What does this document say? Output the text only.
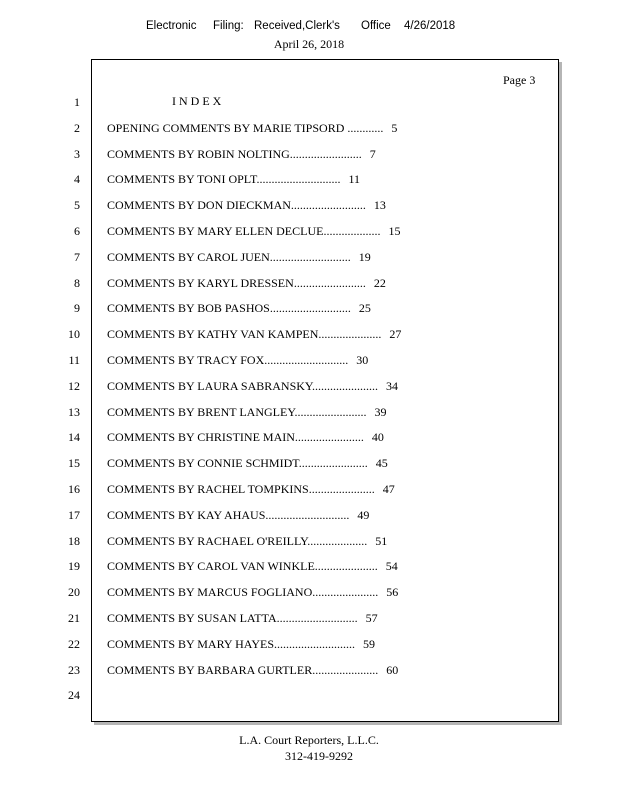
Electronic Filing: Received,Clerk's Office 4/26/2018
April 26, 2018
Page 3
1
2
3
4
5
6
7
8
9
10
11
12
13
14
15
16
17
18
19
20
21
22
23
24
INDEX
OPENING COMMENTS BY MARIE TIPSORD ............ 5
COMMENTS BY ROBIN NOLTING........................ 7
COMMENTS BY TONI OPLT............................ 11
COMMENTS BY DON DIECKMAN......................... 13
COMMENTS BY MARY ELLEN DECLUE................... 15
COMMENTS BY CAROL JUEN........................... 19
COMMENTS BY KARYL DRESSEN........................ 22
COMMENTS BY BOB PASHOS........................... 25
COMMENTS BY KATHY VAN KAMPEN..................... 27
COMMENTS BY TRACY FOX............................ 30
COMMENTS BY LAURA SABRANSKY...................... 34
COMMENTS BY BRENT LANGLEY........................ 39
COMMENTS BY CHRISTINE MAIN....................... 40
COMMENTS BY CONNIE SCHMIDT....................... 45
COMMENTS BY RACHEL TOMPKINS...................... 47
COMMENTS BY KAY AHAUS............................ 49
COMMENTS BY RACHAEL O'REILLY.................... 51
COMMENTS BY CAROL VAN WINKLE..................... 54
COMMENTS BY MARCUS FOGLIANO...................... 56
COMMENTS BY SUSAN LATTA........................... 57
COMMENTS BY MARY HAYES........................... 59
COMMENTS BY BARBARA GURTLER...................... 60
L.A. Court Reporters, L.L.C.
312-419-9292
